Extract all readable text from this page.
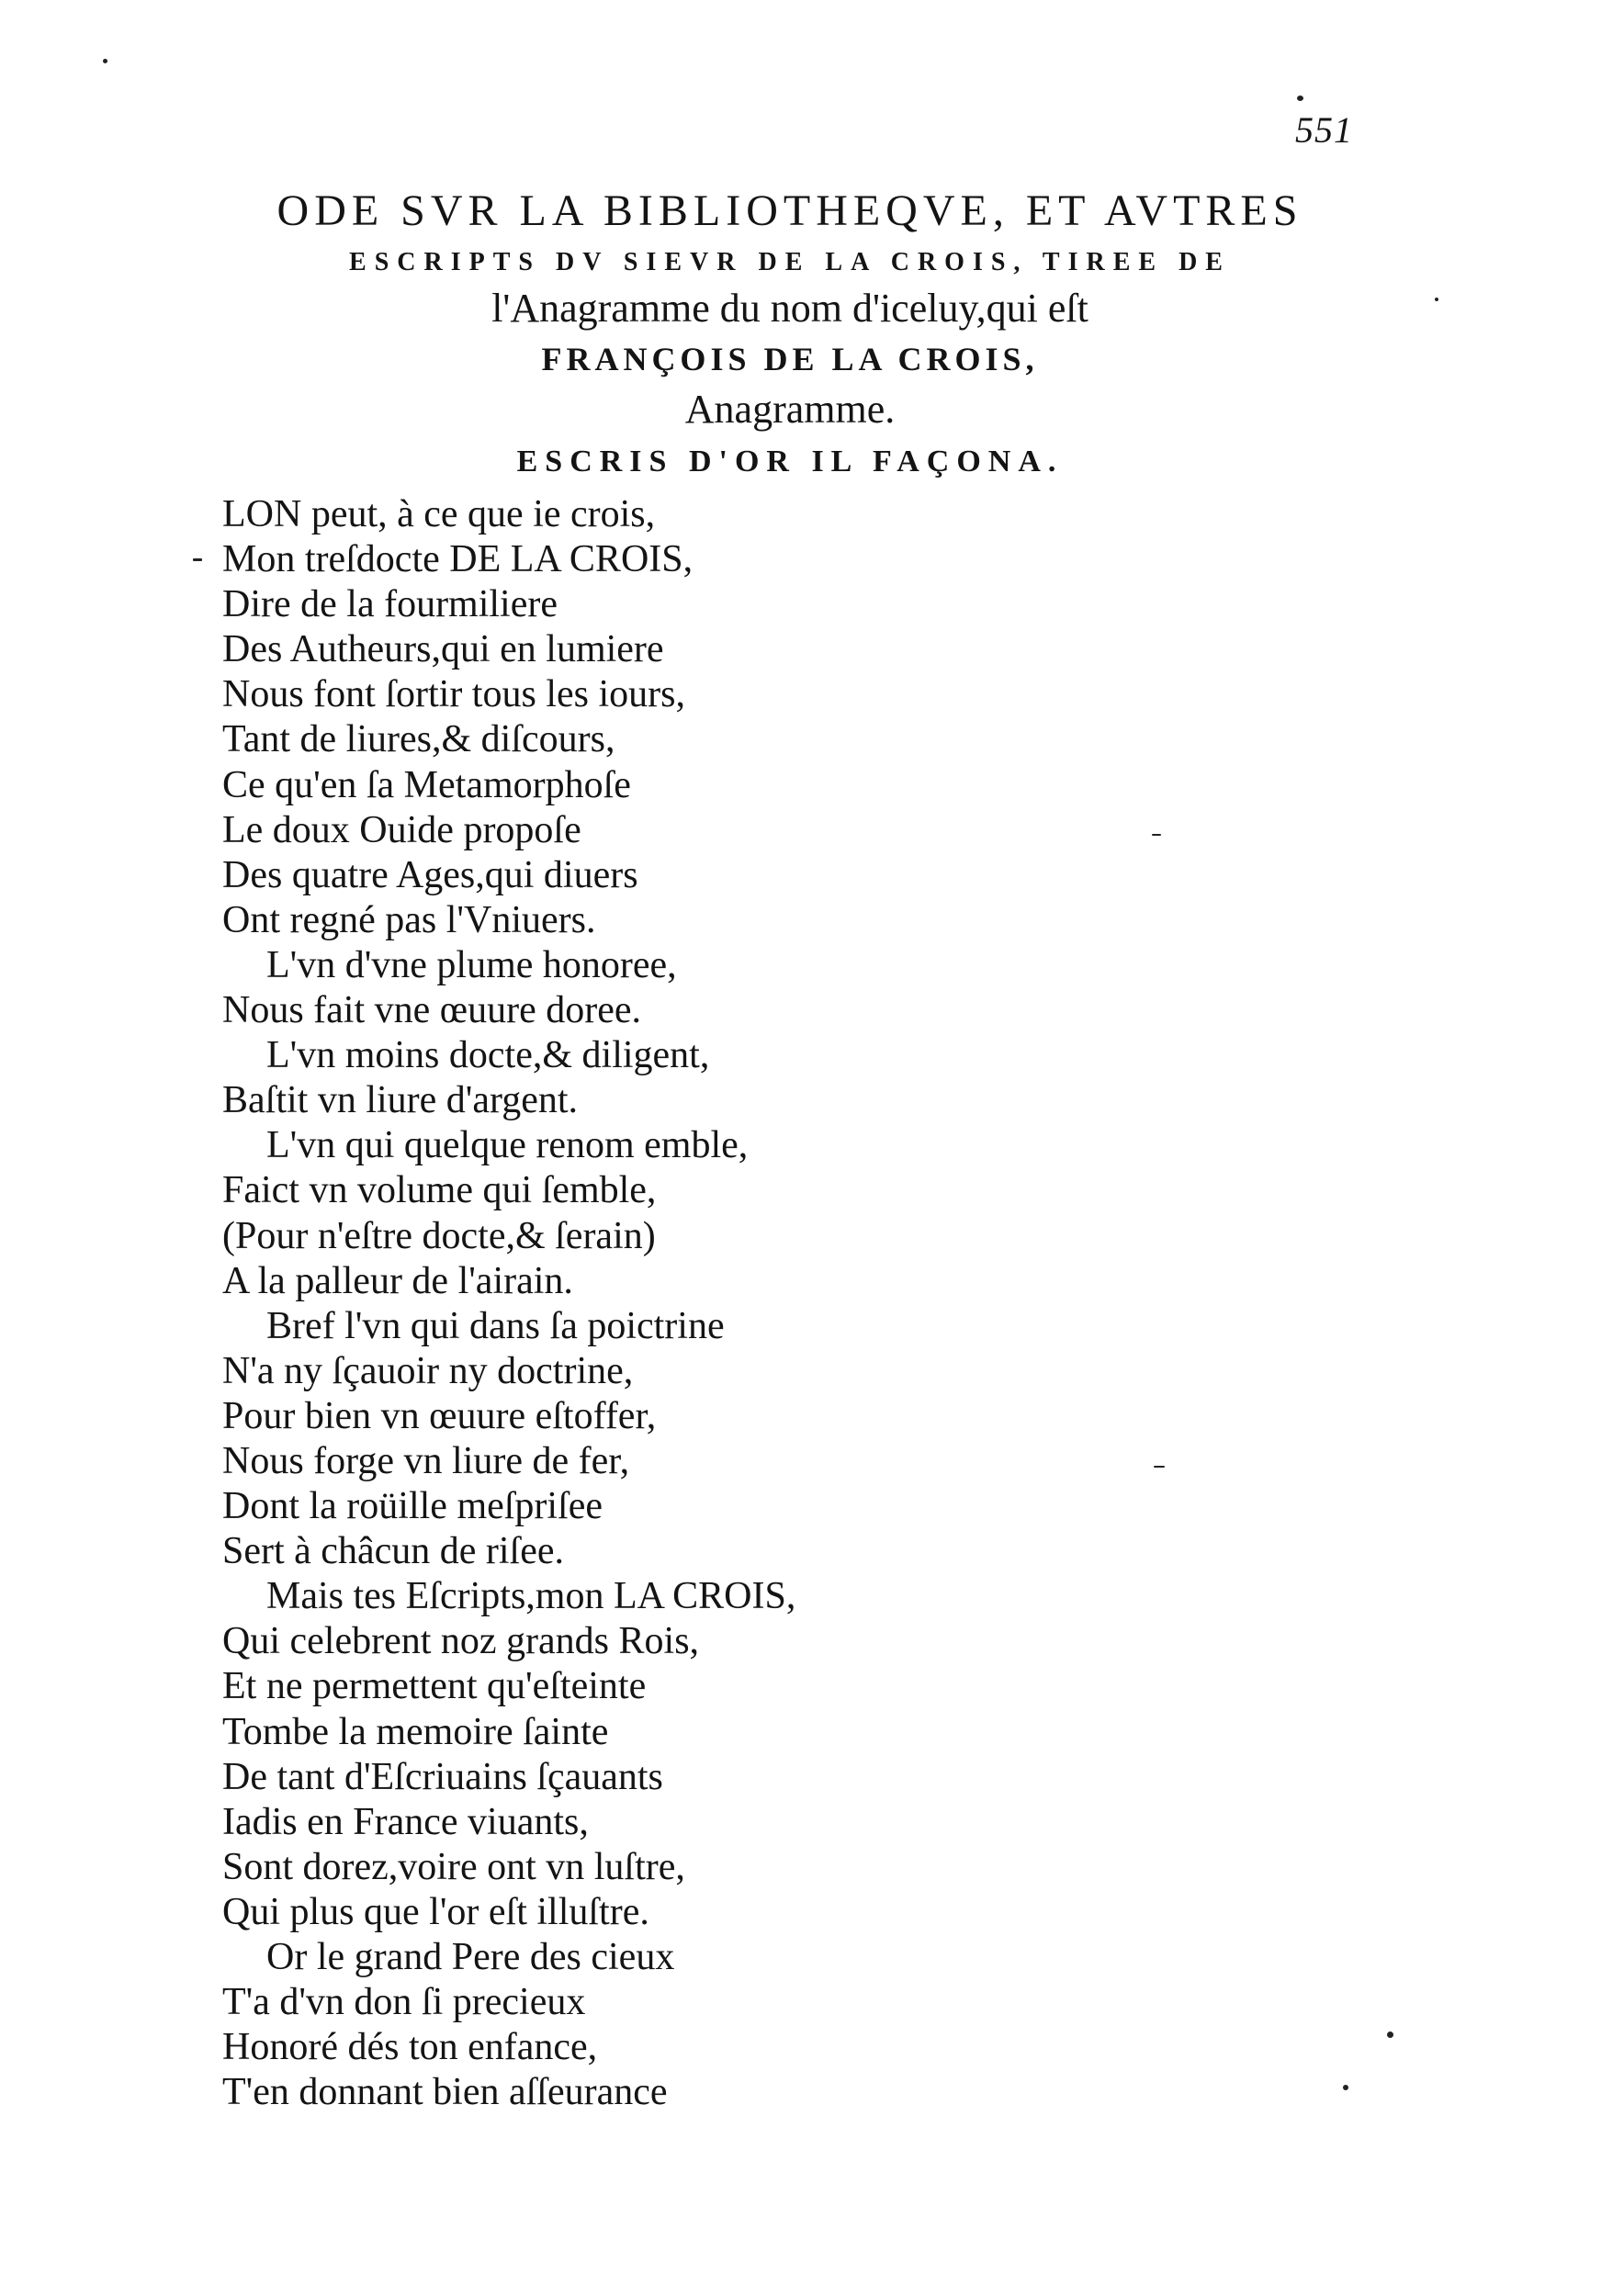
551
ODE SVR LA BIBLIOTHEQVE, ET AVTRES
ESCRIPTS DV SIEVR DE LA CROIS, TIREE DE
l'Anagramme du nom d'iceluy,qui eſt
FRANÇOIS DE LA CROIS,
Anagramme.
ESCRIS D'OR IL FAÇONA.
LON peut, à ce que ie crois,
Mon treſdocte DE LA CROIS,
Dire de la fourmiliere
Des Autheurs,qui en lumiere
Nous font ſortir tous les iours,
Tant de liures,& diſcours,
Ce qu'en ſa Metamorphoſe
Le doux Ouide propoſe
Des quatre Ages,qui diuers
Ont regné pas l'Vniuers.
L'vn d'vne plume honoree,
Nous fait vne œuure doree.
L'vn moins docte,& diligent,
Baſtit vn liure d'argent.
L'vn qui quelque renom emble,
Faict vn volume qui ſemble,
(Pour n'eſtre docte,& ſerain)
A la palleur de l'airain.
Bref l'vn qui dans ſa poictrine
N'a ny ſçauoir ny doctrine,
Pour bien vn œuure eſtoffer,
Nous forge vn liure de fer,
Dont la roüille meſpriſee
Sert à châcun de riſee.
Mais tes Eſcripts,mon LA CROIS,
Qui celebrent noz grands Rois,
Et ne permettent qu'eſteinte
Tombe la memoire ſainte
De tant d'Eſcriuains ſçauants
Iadis en France viuants,
Sont dorez,voire ont vn luſtre,
Qui plus que l'or eſt illuſtre.
Or le grand Pere des cieux
T'a d'vn don ſi precieux
Honoré dés ton enfance,
T'en donnant bien aſſeurance
